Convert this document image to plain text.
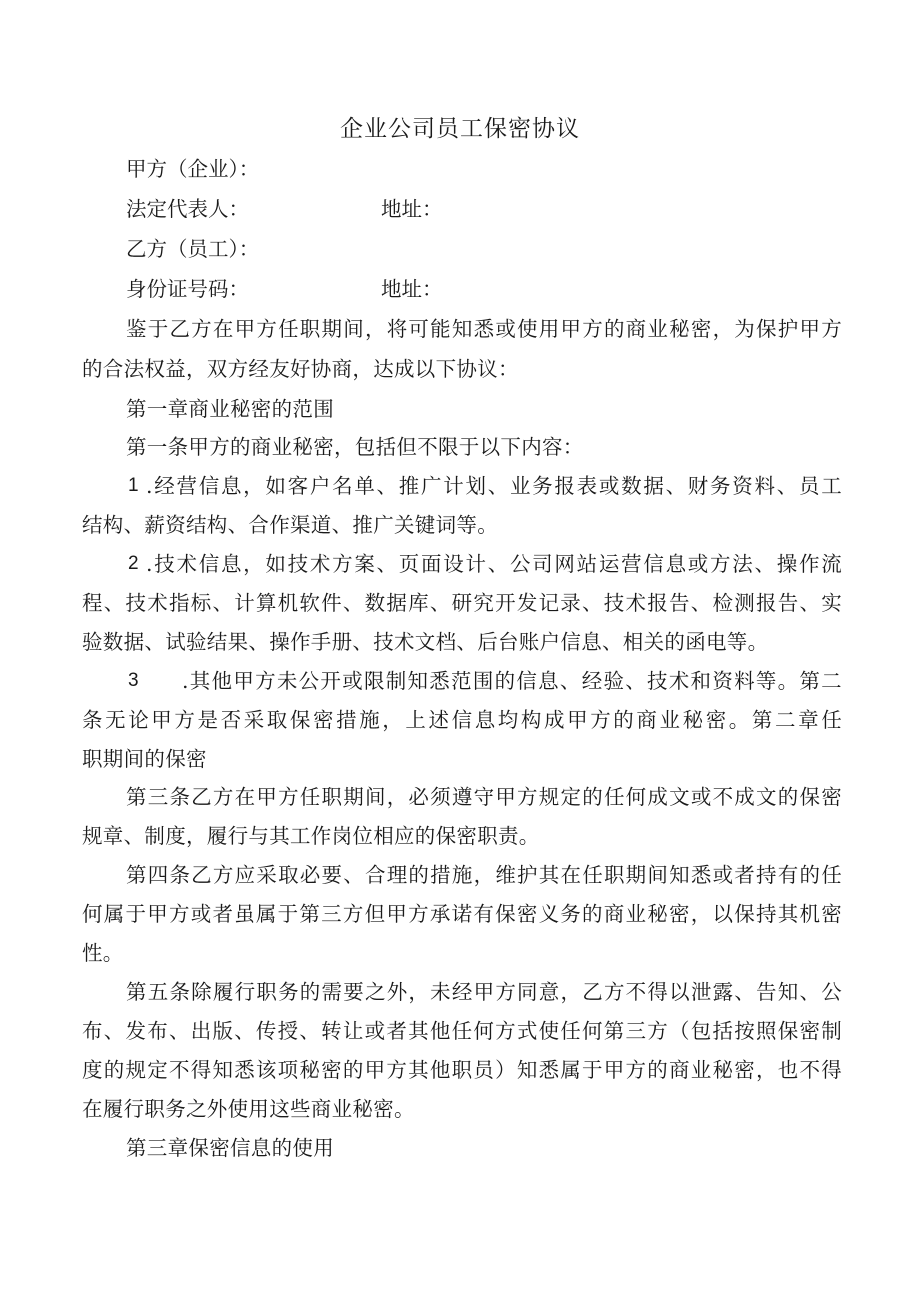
企业公司员工保密协议
甲方（企业）：
法定代表人：	地址：
乙方（员工）：
身份证号码：	地址：
鉴于乙方在甲方任职期间，将可能知悉或使用甲方的商业秘密，为保护甲方
的合法权益，双方经友好协商，达成以下协议：
第一章商业秘密的范围
第一条甲方的商业秘密，包括但不限于以下内容：
1 .经营信息，如客户名单、推广计划、业务报表或数据、财务资料、员工
结构、薪资结构、合作渠道、推广关键词等。
2 .技术信息，如技术方案、页面设计、公司网站运营信息或方法、操作流
程、技术指标、计算机软件、数据库、研究开发记录、技术报告、检测报告、实
验数据、试验结果、操作手册、技术文档、后台账户信息、相关的函电等。
3 .其他甲方未公开或限制知悉范围的信息、经验、技术和资料等。第二
条无论甲方是否采取保密措施，上述信息均构成甲方的商业秘密。第二章任
职期间的保密
第三条乙方在甲方任职期间，必须遵守甲方规定的任何成文或不成文的保密
规章、制度，履行与其工作岗位相应的保密职责。
第四条乙方应采取必要、合理的措施，维护其在任职期间知悉或者持有的任
何属于甲方或者虽属于第三方但甲方承诺有保密义务的商业秘密，以保持其机密
性。
第五条除履行职务的需要之外，未经甲方同意，乙方不得以泄露、告知、公
布、发布、出版、传授、转让或者其他任何方式使任何第三方（包括按照保密制
度的规定不得知悉该项秘密的甲方其他职员）知悉属于甲方的商业秘密，也不得
在履行职务之外使用这些商业秘密。
第三章保密信息的使用
